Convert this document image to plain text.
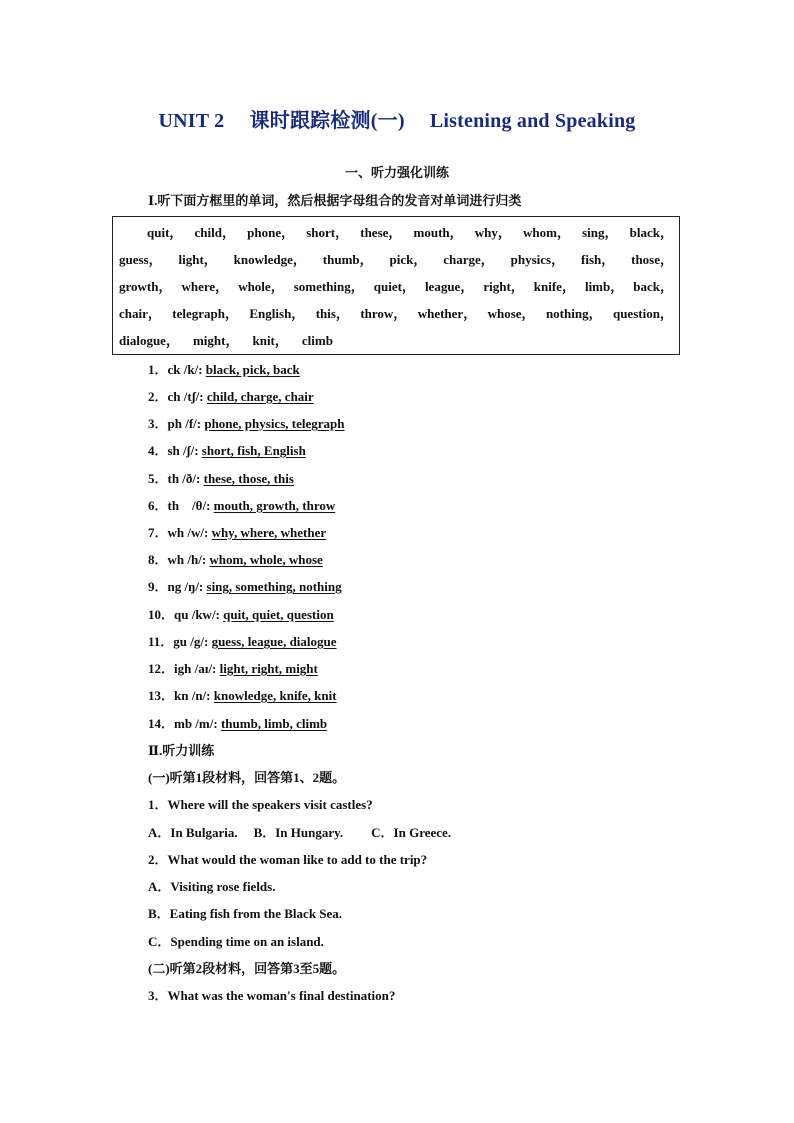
UNIT 2 课时跟踪检测(一) Listening and Speaking
一、听力强化训练
Ⅰ.听下面方框里的单词，然后根据字母组合的发音对单词进行归类
quit， child， phone， short， these， mouth， why， whom， sing， black，
guess， light， knowledge， thumb， pick， charge， physics， fish， those，
growth， where， whole， something， quiet， league， right， knife， limb， back，
chair， telegraph， English， this， throw， whether， whose， nothing， question，
dialogue， might， knit， climb
1．ck /k/: black, pick, back
2．ch /tʃ/: child, charge, chair
3．ph /f/: phone, physics, telegraph
4．sh /ʃ/: short, fish, English
5．th /ð/: these, those, this
6．th　/θ/: mouth, growth, throw
7．wh /w/: why, where, whether
8．wh /h/: whom, whole, whose
9．ng /ŋ/: sing, something, nothing
10．qu /kw/: quit, quiet, question
11．gu /g/: guess, league, dialogue
12．igh /aɪ/: light, right, might
13．kn /n/: knowledge, knife, knit
14．mb /m/: thumb, limb, climb
Ⅱ.听力训练
(一)听第1段材料，回答第1、2题。
1．Where will the speakers visit castles?
A．In Bulgaria. B．In Hungary. C．In Greece.
2．What would the woman like to add to the trip?
A．Visiting rose fields.
B．Eating fish from the Black Sea.
C．Spending time on an island.
(二)听第2段材料，回答第3至5题。
3．What was the woman's final destination?
